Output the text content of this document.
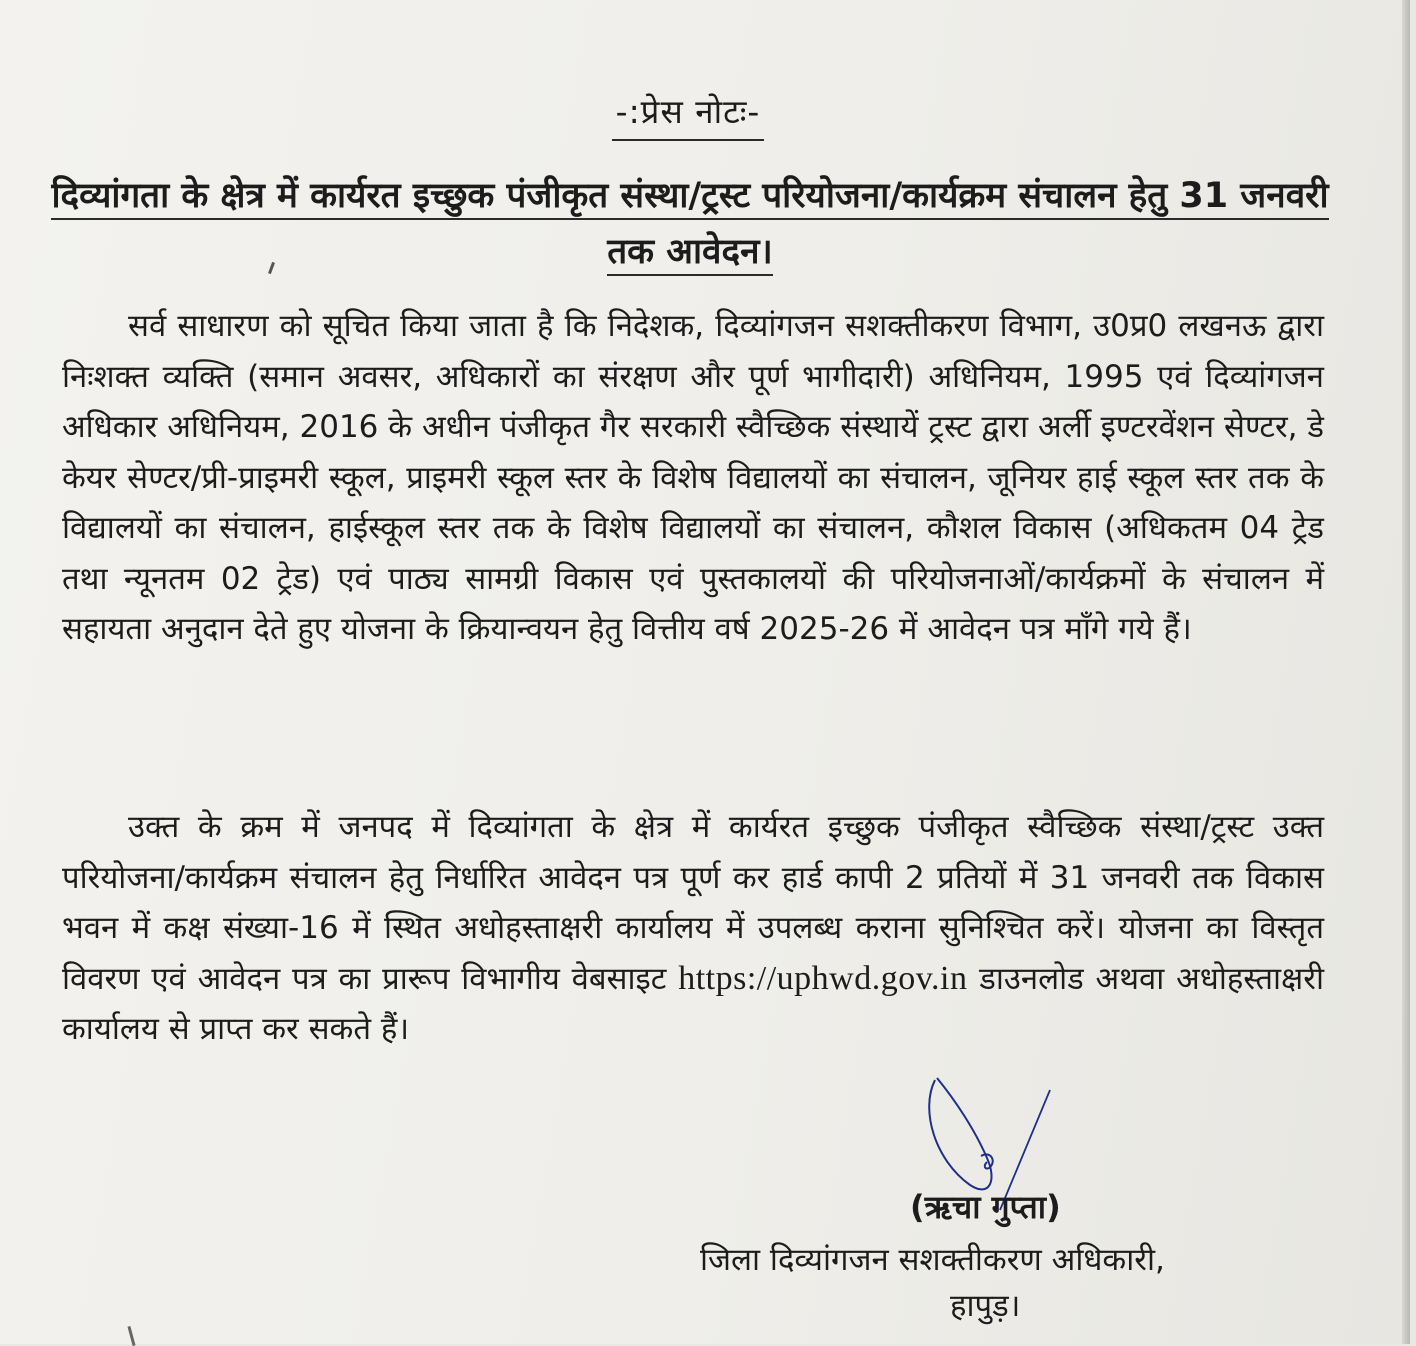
-:प्रेस नोटः-
दिव्यांगता के क्षेत्र में कार्यरत इच्छुक पंजीकृत संस्था/ट्रस्ट परियोजना/कार्यक्रम संचालन हेतु 31 जनवरी तक आवेदन।

सर्व साधारण को सूचित किया जाता है कि निदेशक, दिव्यांगजन सशक्तीकरण विभाग, उ0प्र0 लखनऊ द्वारा निःशक्त व्यक्ति (समान अवसर, अधिकारों का संरक्षण और पूर्ण भागीदारी) अधिनियम, 1995 एवं दिव्यांगजन अधिकार अधिनियम, 2016 के अधीन पंजीकृत गैर सरकारी स्वैच्छिक संस्थायें ट्रस्ट द्वारा अर्ली इण्टरवेंशन सेण्टर, डे केयर सेण्टर/प्री-प्राइमरी स्कूल, प्राइमरी स्कूल स्तर के विशेष विद्यालयों का संचालन, जूनियर हाई स्कूल स्तर तक के विद्यालयों का संचालन, हाईस्कूल स्तर तक के विशेष विद्यालयों का संचालन, कौशल विकास (अधिकतम 04 ट्रेड तथा न्यूनतम 02 ट्रेड) एवं पाठ्य सामग्री विकास एवं पुस्तकालयों की परियोजनाओं/कार्यक्रमों के संचालन में सहायता अनुदान देते हुए योजना के क्रियान्वयन हेतु वित्तीय वर्ष 2025-26 में आवेदन पत्र माँगे गये हैं।

उक्त के क्रम में जनपद में दिव्यांगता के क्षेत्र में कार्यरत इच्छुक पंजीकृत स्वैच्छिक संस्था/ट्रस्ट उक्त परियोजना/कार्यक्रम संचालन हेतु निर्धारित आवेदन पत्र पूर्ण कर हार्ड कापी 2 प्रतियों में 31 जनवरी तक विकास भवन में कक्ष संख्या-16 में स्थित अधोहस्ताक्षरी कार्यालय में उपलब्ध कराना सुनिश्चित करें। योजना का विस्तृत विवरण एवं आवेदन पत्र का प्रारूप विभागीय वेबसाइट https://uphwd.gov.in डाउनलोड अथवा अधोहस्ताक्षरी कार्यालय से प्राप्त कर सकते हैं।

(ऋचा गुप्ता)
जिला दिव्यांगजन सशक्तीकरण अधिकारी,
हापुड़।
